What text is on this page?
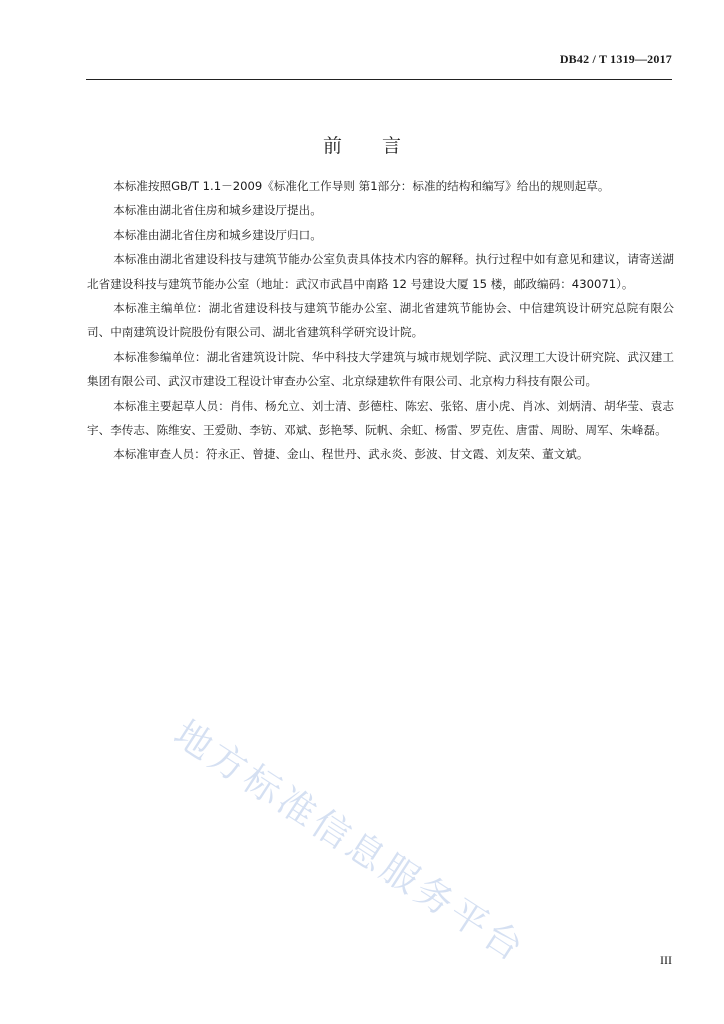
DB42 / T 1319—2017
前言

本标准按照GB/T 1.1－2009《标准化工作导则 第1部分：标准的结构和编写》给出的规则起草。

本标准由湖北省住房和城乡建设厅提出。

本标准由湖北省住房和城乡建设厅归口。

本标准由湖北省建设科技与建筑节能办公室负责具体技术内容的解释。执行过程中如有意见和建议，请寄送湖北省建设科技与建筑节能办公室（地址：武汉市武昌中南路 12 号建设大厦 15 楼，邮政编码：430071）。

本标准主编单位：湖北省建设科技与建筑节能办公室、湖北省建筑节能协会、中信建筑设计研究总院有限公司、中南建筑设计院股份有限公司、湖北省建筑科学研究设计院。

本标准参编单位：湖北省建筑设计院、华中科技大学建筑与城市规划学院、武汉理工大设计研究院、武汉建工集团有限公司、武汉市建设工程设计审查办公室、北京绿建软件有限公司、北京构力科技有限公司。

本标准主要起草人员：肖伟、杨允立、刘士清、彭德柱、陈宏、张铭、唐小虎、肖冰、刘炳清、胡华莹、袁志宇、李传志、陈维安、王爱勋、李钫、邓斌、彭艳琴、阮帆、余虹、杨雷、罗克佐、唐雷、周盼、周军、朱峰磊。

本标准审查人员：符永正、曾捷、金山、程世丹、武永炎、彭波、甘文霞、刘友荣、董文斌。

地方标准信息服务平台	III
